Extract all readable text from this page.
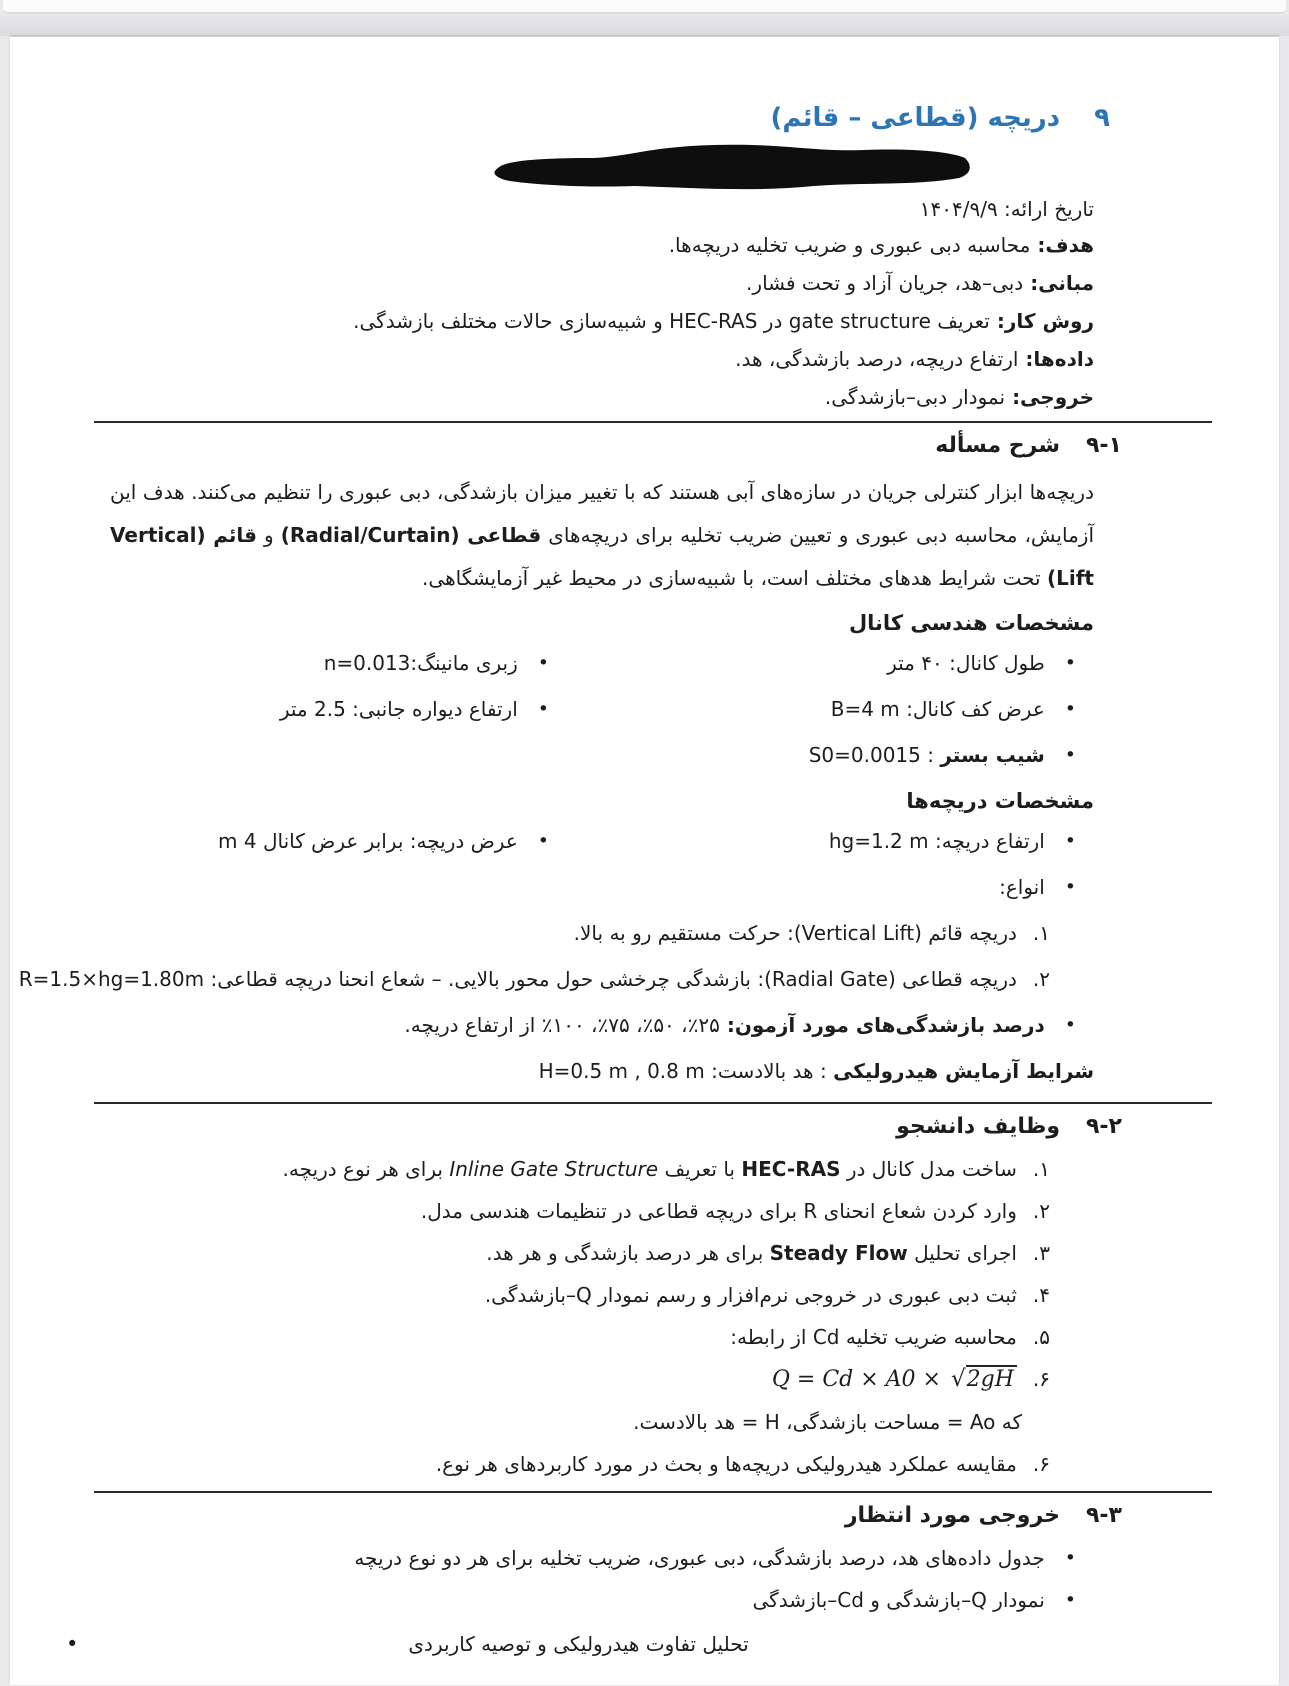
۹
دریچه (قطاعی – قائم)
تاریخ ارائه: ۱۴۰۴/۹/۹
هدف:محاسبه دبی عبوری و ضریب تخلیه دریچه‌ها.
مبانی:دبی–هد، جریان آزاد و تحت فشار.
روش کار:تعریف gate structure در HEC-RAS و شبیه‌سازی حالات مختلف بازشدگی.
داده‌ها:ارتفاع دریچه، درصد بازشدگی، هد.
خروجی:نمودار دبی–بازشدگی.
۹-۱
شرح مسأله
دریچه‌ها ابزار کنترلی جریان در سازه‌های آبی هستند که با تغییر میزان بازشدگی، دبی عبوری را تنظیم می‌کنند. هدف این آزمایش، محاسبه دبی عبوری و تعیین ضریب تخلیه برای دریچه‌های قطاعی (Radial/Curtain) و قائم (Vertical Lift) تحت شرایط هدهای مختلف است، با شبیه‌سازی در محیط غیر آزمایشگاهی.
مشخصات هندسی کانال
•
طول کانال: ۴۰ متر
•
زبری مانینگ:n=0.013
•
عرض کف کانال: B=4 m
•
ارتفاع دیواره جانبی: 2.5 متر
•
شیب بستر : S0=0.0015
مشخصات دریچه‌ها
•
ارتفاع دریچه: hg=1.2 m
•
عرض دریچه: برابر عرض کانال 4 m
•
انواع:
۱.
دریچه قائم (Vertical Lift): حرکت مستقیم رو به بالا.
۲.
دریچه قطاعی (Radial Gate): بازشدگی چرخشی حول محور بالایی. – شعاع انحنا دریچه قطاعی: R=1.5×hg=1.80m
•
درصد بازشدگی‌های مورد آزمون:۲۵٪، ۵۰٪، ۷۵٪، ۱۰۰٪ از ارتفاع دریچه.
شرایط آزمایش هیدرولیکی : هد بالادست: H=0.5 m , 0.8 m
۹-۲
وظایف دانشجو
۱.
ساخت مدل کانال در HEC-RAS با تعریف Inline Gate Structure برای هر نوع دریچه.
۲.
وارد کردن شعاع انحنای R برای دریچه قطاعی در تنظیمات هندسی مدل.
۳.
اجرای تحلیل Steady Flow برای هر درصد بازشدگی و هر هد.
۴.
ثبت دبی عبوری در خروجی نرم‌افزار و رسم نمودار Q–بازشدگی.
۵.
محاسبه ضریب تخلیه Cd از رابطه:
۶.
Q = Cd × A0 × √2gH
که Ao = مساحت بازشدگی، H = هد بالادست.
۶.
مقایسه عملکرد هیدرولیکی دریچه‌ها و بحث در مورد کاربردهای هر نوع.
۹-۳
خروجی مورد انتظار
•
جدول داده‌های هد، درصد بازشدگی، دبی عبوری، ضریب تخلیه برای هر دو نوع دریچه
•
نمودار Q–بازشدگی و Cd–بازشدگی
•	تحلیل تفاوت هیدرولیکی و توصیه کاربردی
